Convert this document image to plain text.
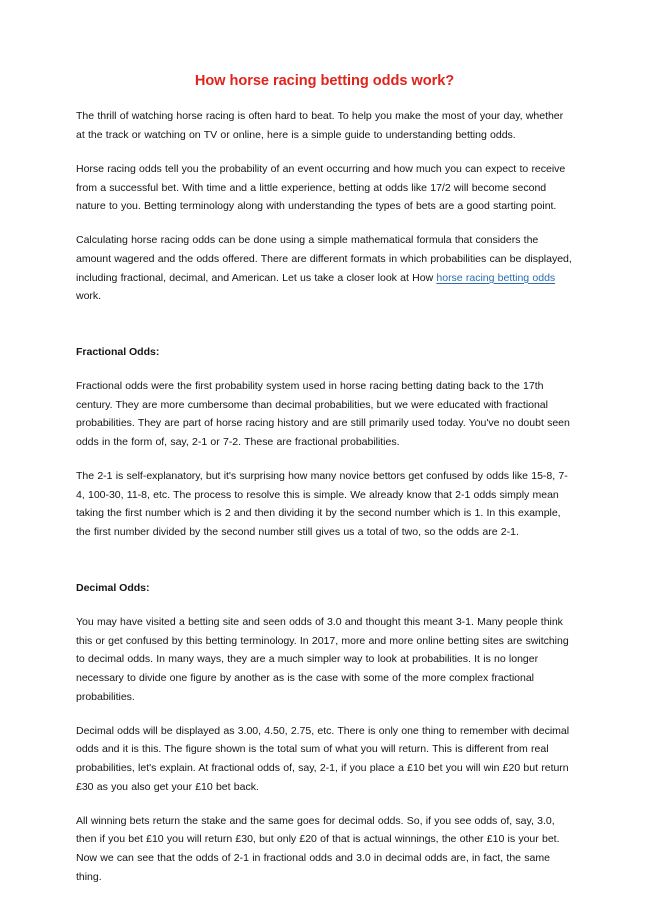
How horse racing betting odds work?

The thrill of watching horse racing is often hard to beat. To help you make the most of your day, whether at the track or watching on TV or online, here is a simple guide to understanding betting odds.

Horse racing odds tell you the probability of an event occurring and how much you can expect to receive from a successful bet. With time and a little experience, betting at odds like 17/2 will become second nature to you. Betting terminology along with understanding the types of bets are a good starting point.

Calculating horse racing odds can be done using a simple mathematical formula that considers the amount wagered and the odds offered. There are different formats in which probabilities can be displayed, including fractional, decimal, and American. Let us take a closer look at How horse racing betting odds work.

Fractional Odds:

Fractional odds were the first probability system used in horse racing betting dating back to the 17th century. They are more cumbersome than decimal probabilities, but we were educated with fractional probabilities. They are part of horse racing history and are still primarily used today. You've no doubt seen odds in the form of, say, 2-1 or 7-2. These are fractional probabilities.

The 2-1 is self-explanatory, but it's surprising how many novice bettors get confused by odds like 15-8, 7-4, 100-30, 11-8, etc. The process to resolve this is simple. We already know that 2-1 odds simply mean taking the first number which is 2 and then dividing it by the second number which is 1. In this example, the first number divided by the second number still gives us a total of two, so the odds are 2-1.

Decimal Odds:

You may have visited a betting site and seen odds of 3.0 and thought this meant 3-1. Many people think this or get confused by this betting terminology. In 2017, more and more online betting sites are switching to decimal odds. In many ways, they are a much simpler way to look at probabilities. It is no longer necessary to divide one figure by another as is the case with some of the more complex fractional probabilities.

Decimal odds will be displayed as 3.00, 4.50, 2.75, etc. There is only one thing to remember with decimal odds and it is this. The figure shown is the total sum of what you will return. This is different from real probabilities, let's explain. At fractional odds of, say, 2-1, if you place a £10 bet you will win £20 but return £30 as you also get your £10 bet back.

All winning bets return the stake and the same goes for decimal odds. So, if you see odds of, say, 3.0, then if you bet £10 you will return £30, but only £20 of that is actual winnings, the other £10 is your bet. Now we can see that the odds of 2-1 in fractional odds and 3.0 in decimal odds are, in fact, the same thing.
